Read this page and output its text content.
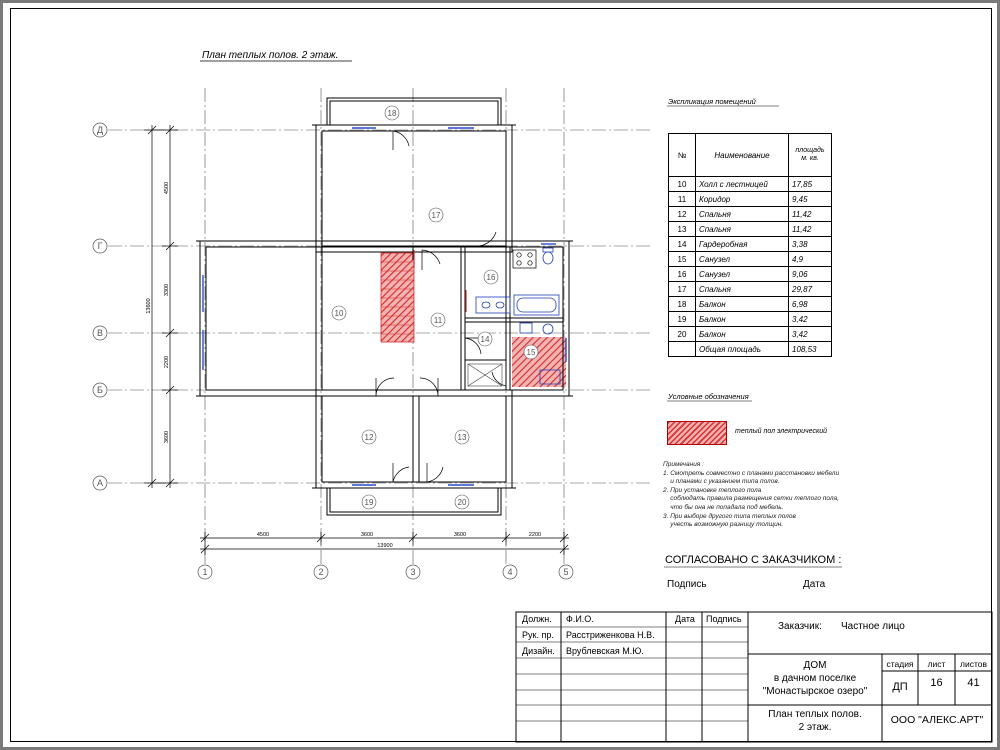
План теплых полов. 2 этаж.
Д
Г
В
Б
А
1	2	3	4	5
4500
3300
2200
3600
13600
4500	3600	3600	2200
13900
18
17
16
10
11
14
15
12	13
19	20
Экспликация помещений
№	Наименование	площадь м. кв.
10	Холл с лестницей	17,85
11	Коридор	9,45
12	Спальня	11,42
13	Спальня	11,42
14	Гардеробная	3,38
15	Санузел	4,9
16	Санузел	9,06
17	Спальня	29,87
18	Балкон	6,98
19	Балкон	3,42
20	Балкон	3,42
	Общая площадь	108,53
Условные обозначения
теплый пол электрический
Примечания :
1. Смотреть совместно с планами расстановки мебели
и планами с указанием типа полов.
2. При установке теплого пола
соблюдать правила размещения сетки теплого пола,
что бы она не попадала под мебель.
3. При выборе другого типа теплых полов
учесть возможную разницу толщин.
СОГЛАСОВАНО С ЗАКАЗЧИКОМ :
Подпись	Дата
Должн. Ф.И.О.	Дата Подпись
Рук. пр. Расстриженкова Н.В.
Дизайн. Врублевская М.Ю.
Заказчик: Частное лицо
ДОМ
в дачном поселке
"Монастырское озеро"
стадия	лист	листов
ДП	16	41
План теплых полов.
2 этаж.
ООО "АЛЕКС.АРТ"
